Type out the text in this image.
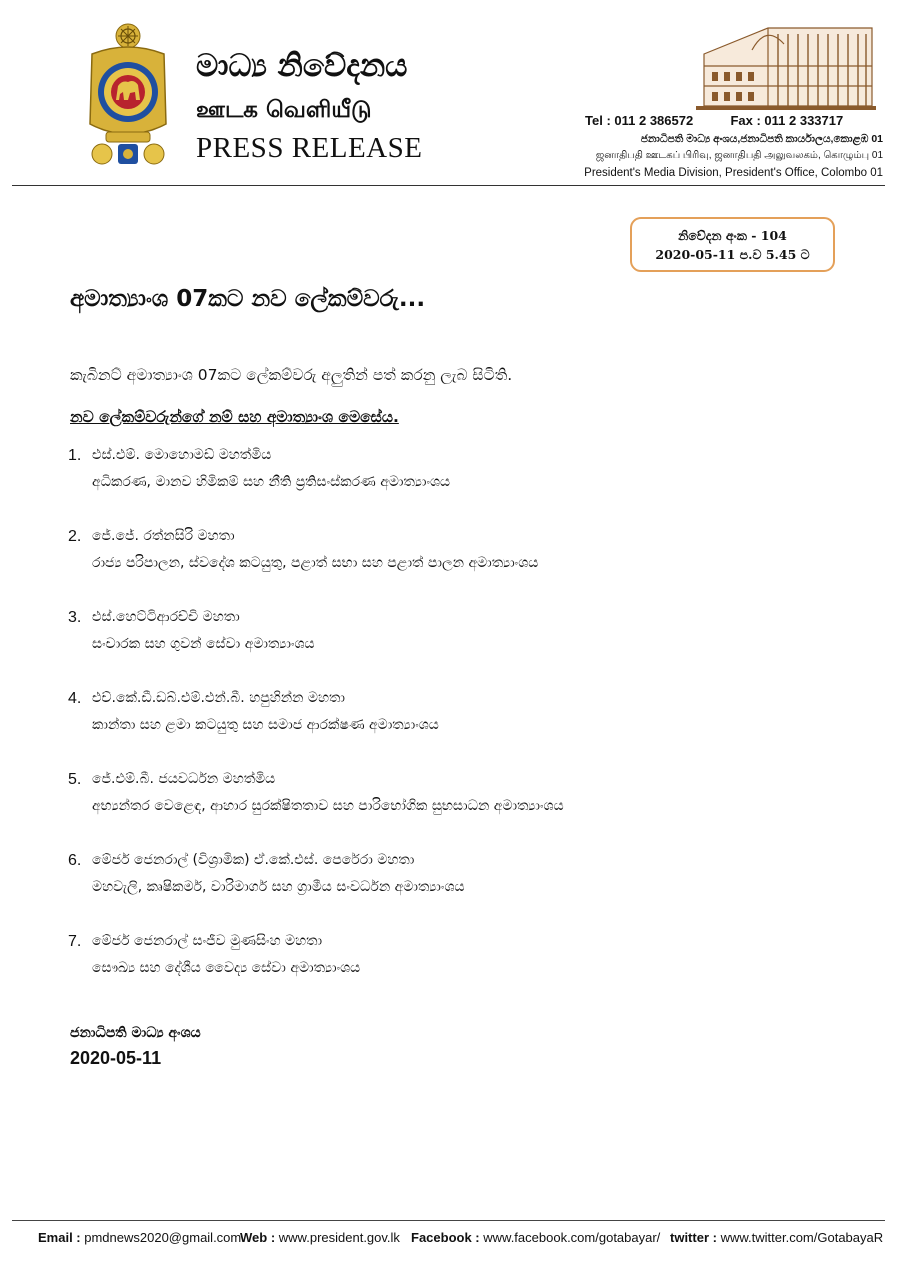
මාධ්‍ය නිවේදනය
ஊடக வெளியீடு
PRESS RELEASE
Tel : 011 2 386572	Fax : 011 2 333717
ජනාධිපති මාධ්‍ය අංශය,ජනාධිපති කාර්යාලය,කොළඹ 01
ஜனாதிபதி ஊடகப் பிரிவு, ஜனாதிபதி அலுவலகம், கொழும்பு 01
President's Media Division, President's Office, Colombo 01
නිවේදන අංක - 104
2020-05-11 ප.ව 5.45 ට
අමාත්‍යාංශ 07කට නව ලේකම්වරු...
කැබිනට් අමාත්‍යාංශ 07කට ලේකම්වරු අලුතින් පත් කරනු ලැබ සිටිති.
නව ලේකම්වරුන්ගේ නම් සහ අමාත්‍යාංශ මෙසේය.
1. එස්.එම්. මොහොමඩ් මහත්මිය
අධිකරණ, මානව හිමිකම් සහ නීති ප්‍රතිසංස්කරණ අමාත්‍යාංශය
2. ජේ.ජේ. රත්නසිරි මහතා
රාජ්‍ය පරිපාලන, ස්වදේශ කටයුතු, පළාත් සභා සහ පළාත් පාලන අමාත්‍යාංශය
3. එස්.හෙට්ටිආරච්චි මහතා
සංචාරක සහ ගුවන් සේවා අමාත්‍යාංශය
4. එච්.කේ.ඩී.ඩබ්.එම්.එන්.බී. හපුහින්න මහතා
කාන්තා සහ ළමා කටයුතු සහ සමාජ ආරක්ෂණ අමාත්‍යාංශය
5. ජේ.එම්.බී. ජයවර්ධන මහත්මිය
අභ්‍යන්තර වෙළෙඳ, ආහාර සුරක්ෂිතතාව සහ පාරිභෝගික සුභසාධන අමාත්‍යාංශය
6. මේජර් ජෙනරාල් (විශ්‍රාමික) ඒ.කේ.එස්. පෙරේරා මහතා
මහවැලි, කෘෂිකර්ම, වාරිමාර්ග සහ ග්‍රාමීය සංවර්ධන අමාත්‍යාංශය
7. මේජර් ජෙනරාල් සංජීව මුණසිංහ මහතා
සෞඛ්‍ය සහ දේශීය වෛද්‍ය සේවා අමාත්‍යාංශය
ජනාධිපති මාධ්‍ය අංශය
2020-05-11
Email : pmdnews2020@gmail.com
Web : www.president.gov.lk Facebook : www.facebook.com/gotabayar/ twitter : www.twitter.com/GotabayaR
